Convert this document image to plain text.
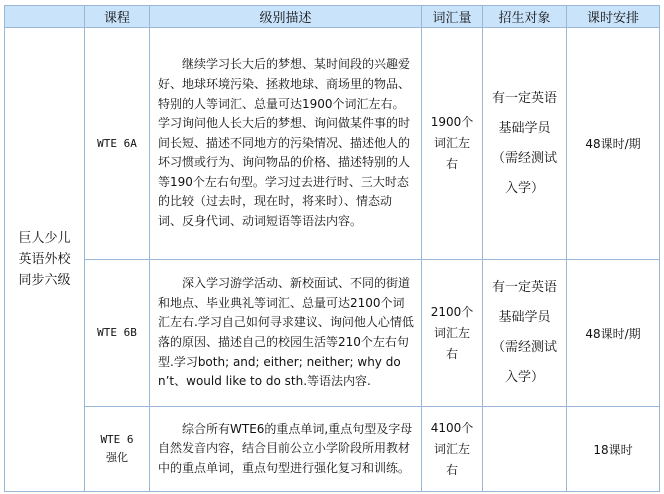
	课程	级别描述	词汇量	招生对象	课时安排

巨人少儿英语外校同步六级	WTE 6A	继续学习长大后的梦想、某时间段的兴趣爱好、地球环境污染、拯救地球、商场里的物品、特别的人等词汇、总量可达1900个词汇左右。学习询问他人长大后的梦想、询问做某件事的时间长短、描述不同地方的污染情况、描述他人的坏习惯或行为、询问物品的价格、描述特别的人等190个左右句型。学习过去进行时、三大时态的比较（过去时，现在时，将来时）、情态动词、反身代词、动词短语等语法内容。	1900个词汇左右	有一定英语基础学员（需经测试入学）	48课时/期
	WTE 6B	深入学习游学活动、新校面试、不同的街道和地点、毕业典礼等词汇、总量可达2100个词汇左右.学习自己如何寻求建议、询问他人心情低落的原因、描述自己的校园生活等210个左右句型.学习both; and; either; neither; why don’t、would like to do sth.等语法内容.	2100个词汇左右	有一定英语基础学员（需经测试入学）	48课时/期

	WTE 6 强化	综合所有WTE6的重点单词,重点句型及字母自然发音内容，结合目前公立小学阶段所用教材中的重点单词，重点句型进行强化复习和训练。	4100个词汇左右		18课时
